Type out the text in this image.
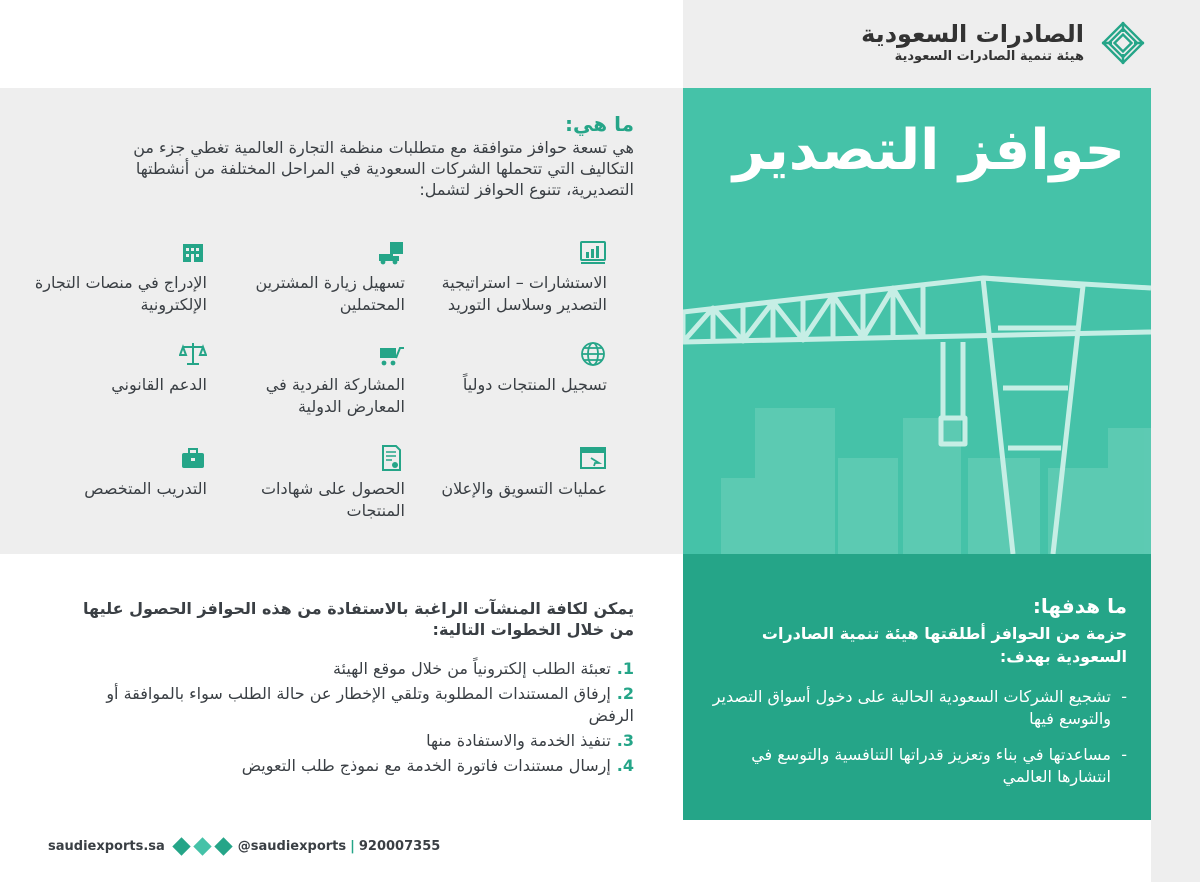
الصادرات السعودية
هيئة تنمية الصادرات السعودية
حوافز التصدير
ما هدفها:
حزمة من الحوافز أطلقتها هيئة تنمية الصادرات السعودية بهدف:
- تشجيع الشركات السعودية الحالية على دخول أسواق التصدير والتوسع فيها
- مساعدتها في بناء وتعزيز قدراتها التنافسية والتوسع في انتشارها العالمي
ما هي:
هي تسعة حوافز متوافقة مع متطلبات منظمة التجارة العالمية تغطي جزء من التكاليف التي تتحملها الشركات السعودية في المراحل المختلفة من أنشطتها التصديرية، تتنوع الحوافز لتشمل:
الاستشارات – استراتيجية التصدير وسلاسل التوريد
تسهيل زيارة المشترين المحتملين
الإدراج في منصات التجارة الإلكترونية
تسجيل المنتجات دولياً
المشاركة الفردية في المعارض الدولية
الدعم القانوني
عمليات التسويق والإعلان
الحصول على شهادات المنتجات
التدريب المتخصص
يمكن لكافة المنشآت الراغبة بالاستفادة من هذه الحوافز الحصول عليها من خلال الخطوات التالية:
1.تعبئة الطلب إلكترونياً من خلال موقع الهيئة
2.إرفاق المستندات المطلوبة وتلقي الإخطار عن حالة الطلب سواء بالموافقة أو الرفض
3.تنفيذ الخدمة والاستفادة منها
4.إرسال مستندات فاتورة الخدمة مع نموذج طلب التعويض
saudiexports.sa	@saudiexports | 920007355
